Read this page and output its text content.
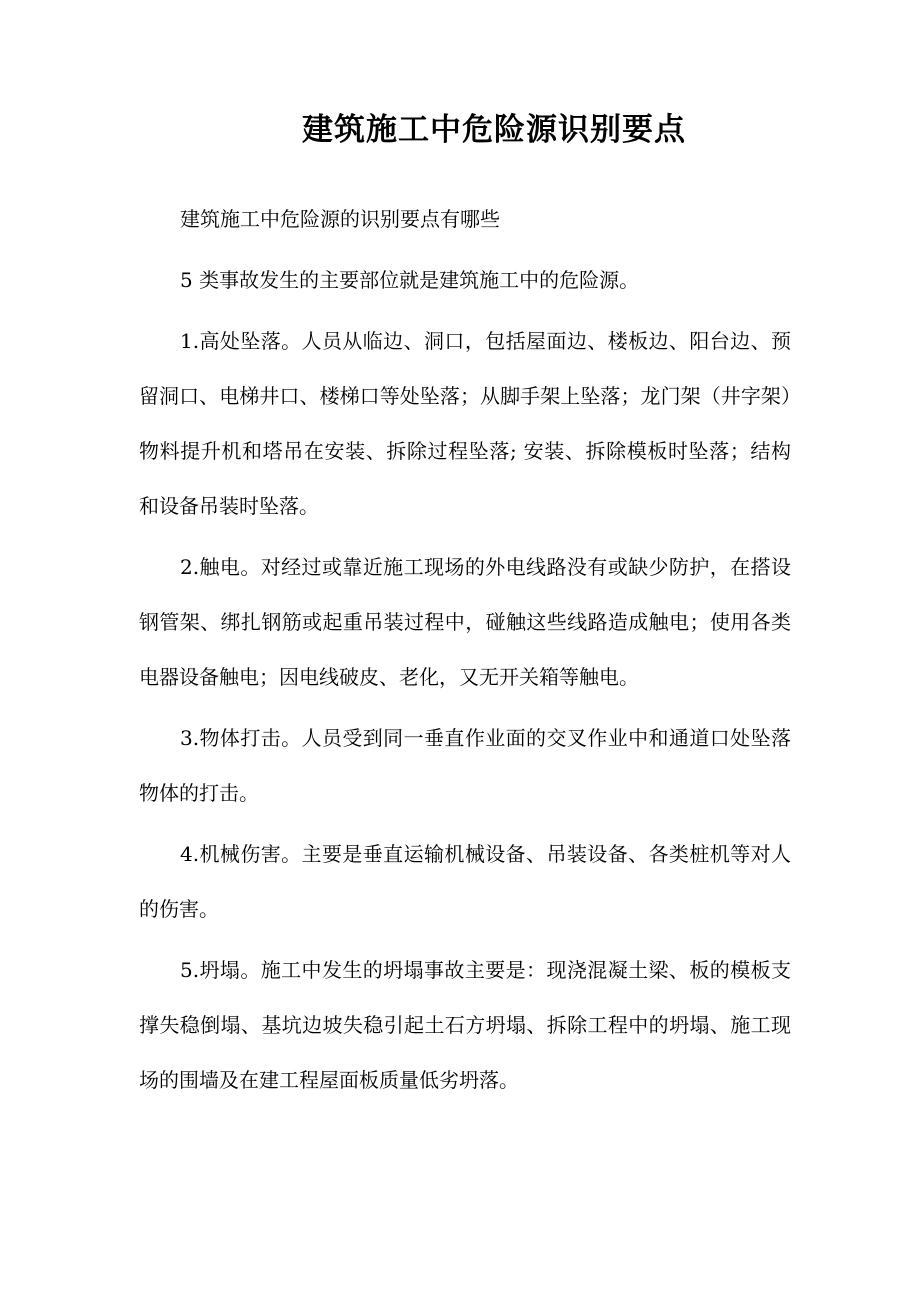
建筑施工中危险源识别要点

建筑施工中危险源的识别要点有哪些

5 类事故发生的主要部位就是建筑施工中的危险源。

1.高处坠落。人员从临边、洞口，包括屋面边、楼板边、阳台边、预留洞口、电梯井口、楼梯口等处坠落；从脚手架上坠落；龙门架（井字架）物料提升机和塔吊在安装、拆除过程坠落; 安装、拆除模板时坠落；结构和设备吊装时坠落。

2.触电。对经过或靠近施工现场的外电线路没有或缺少防护，在搭设钢管架、绑扎钢筋或起重吊装过程中，碰触这些线路造成触电；使用各类电器设备触电；因电线破皮、老化，又无开关箱等触电。

3.物体打击。人员受到同一垂直作业面的交叉作业中和通道口处坠落物体的打击。

4.机械伤害。主要是垂直运输机械设备、吊装设备、各类桩机等对人的伤害。

5.坍塌。施工中发生的坍塌事故主要是：现浇混凝土梁、板的模板支撑失稳倒塌、基坑边坡失稳引起土石方坍塌、拆除工程中的坍塌、施工现场的围墙及在建工程屋面板质量低劣坍落。
